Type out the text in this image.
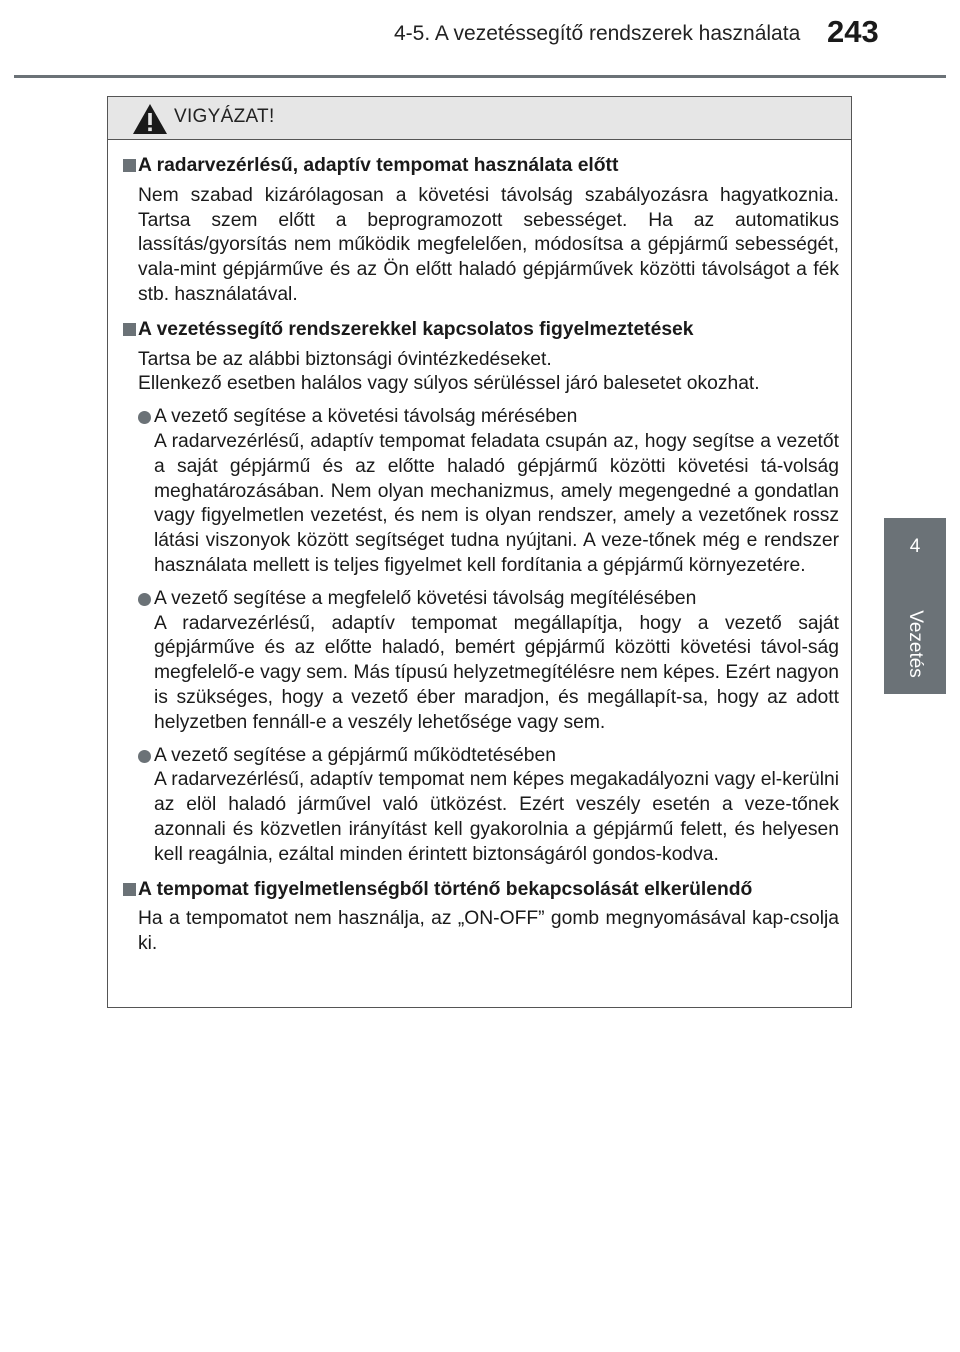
4-5. A vezetéssegítő rendszerek használata 243
4
Vezetés
VIGYÁZAT!
A radarvezérlésű, adaptív tempomat használata előtt

Nem szabad kizárólagosan a követési távolság szabályozásra hagyatkoznia. Tartsa szem előtt a beprogramozott sebességet. Ha az automatikus lassítás/gyorsítás nem működik megfelelően, módosítsa a gépjármű sebességét, vala-mint gépjárműve és az Ön előtt haladó gépjárművek közötti távolságot a fék stb. használatával.

A vezetéssegítő rendszerekkel kapcsolatos figyelmeztetések

Tartsa be az alábbi biztonsági óvintézkedéseket.

Ellenkező esetben halálos vagy súlyos sérüléssel járó balesetet okozhat.

A vezető segítése a követési távolság mérésében

A radarvezérlésű, adaptív tempomat feladata csupán az, hogy segítse a vezetőt a saját gépjármű és az előtte haladó gépjármű közötti követési tá-volság meghatározásában. Nem olyan mechanizmus, amely megengedné a gondatlan vagy figyelmetlen vezetést, és nem is olyan rendszer, amely a vezetőnek rossz látási viszonyok között segítséget tudna nyújtani. A veze-tőnek még e rendszer használata mellett is teljes figyelmet kell fordítania a gépjármű környezetére.

A vezető segítése a megfelelő követési távolság megítélésében

A radarvezérlésű, adaptív tempomat megállapítja, hogy a vezető saját gépjárműve és az előtte haladó, bemért gépjármű közötti követési távol-ság megfelelő-e vagy sem. Más típusú helyzetmegítélésre nem képes. Ezért nagyon is szükséges, hogy a vezető éber maradjon, és megállapít-sa, hogy az adott helyzetben fennáll-e a veszély lehetősége vagy sem.

A vezető segítése a gépjármű működtetésében

A radarvezérlésű, adaptív tempomat nem képes megakadályozni vagy el-kerülni az elöl haladó járművel való ütközést. Ezért veszély esetén a veze-tőnek azonnali és közvetlen irányítást kell gyakorolnia a gépjármű felett, és helyesen kell reagálnia, ezáltal minden érintett biztonságáról gondos-kodva.

A tempomat figyelmetlenségből történő bekapcsolását elkerülendő

Ha a tempomatot nem használja, az „ON-OFF” gomb megnyomásával kap-csolja ki.
